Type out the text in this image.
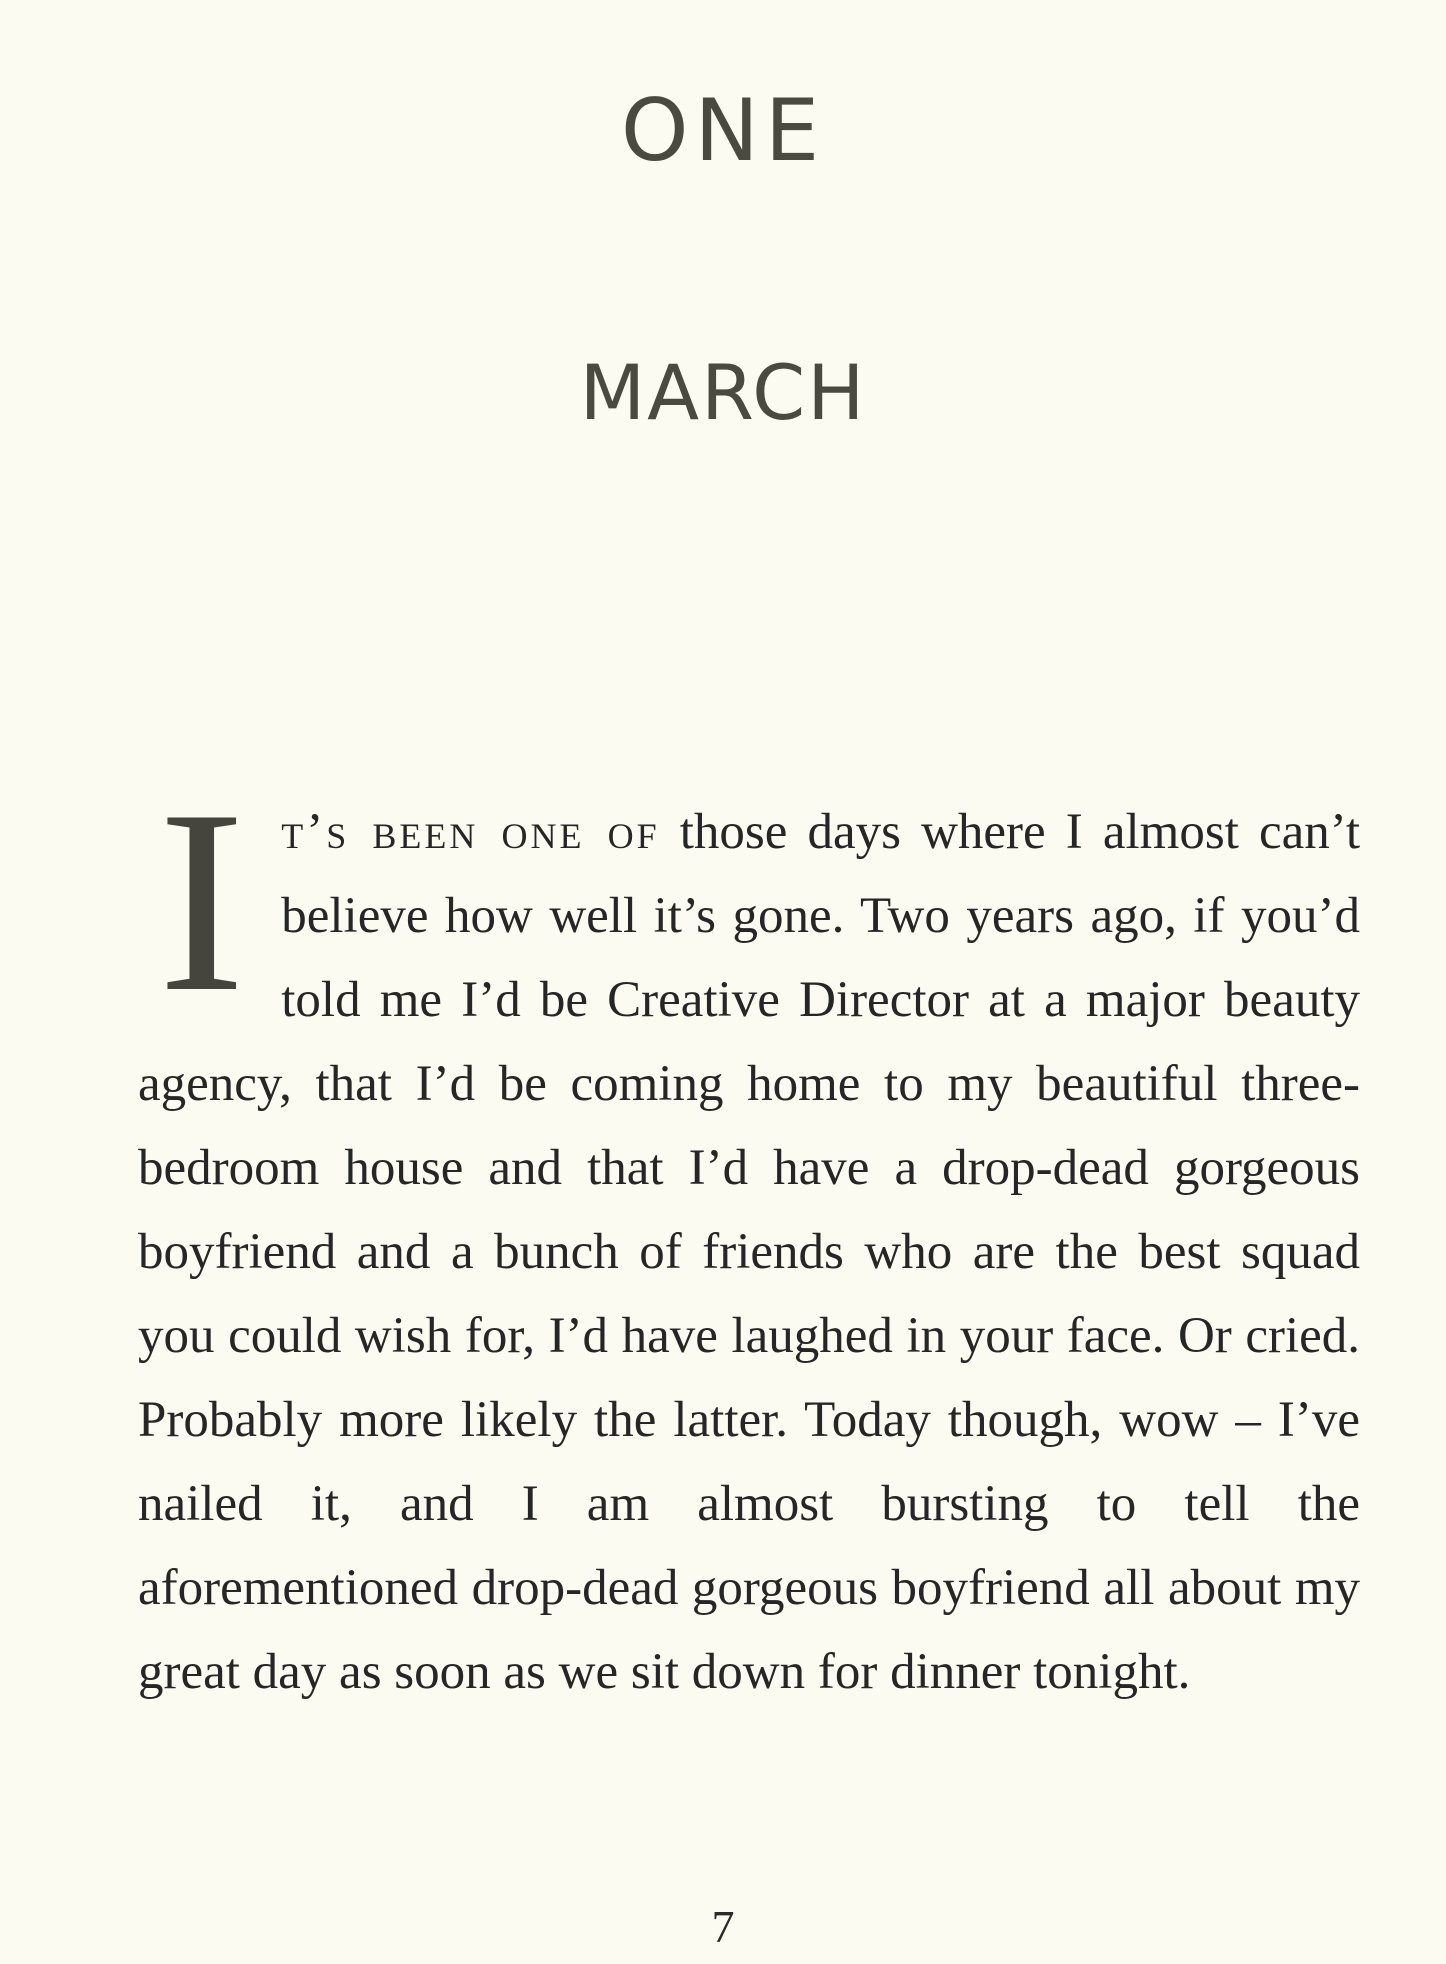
ONE
MARCH
It’s been one of those days where I almost can’t believe how well it’s gone. Two years ago, if you’d told me I’d be Creative Director at a major beauty agency, that I’d be coming home to my beautiful three-bedroom house and that I’d have a drop-dead gorgeous boyfriend and a bunch of friends who are the best squad you could wish for, I’d have laughed in your face. Or cried. Probably more likely the latter. Today though, wow – I’ve nailed it, and I am almost bursting to tell the aforementioned drop-dead gorgeous boyfriend all about my great day as soon as we sit down for dinner tonight.
7
